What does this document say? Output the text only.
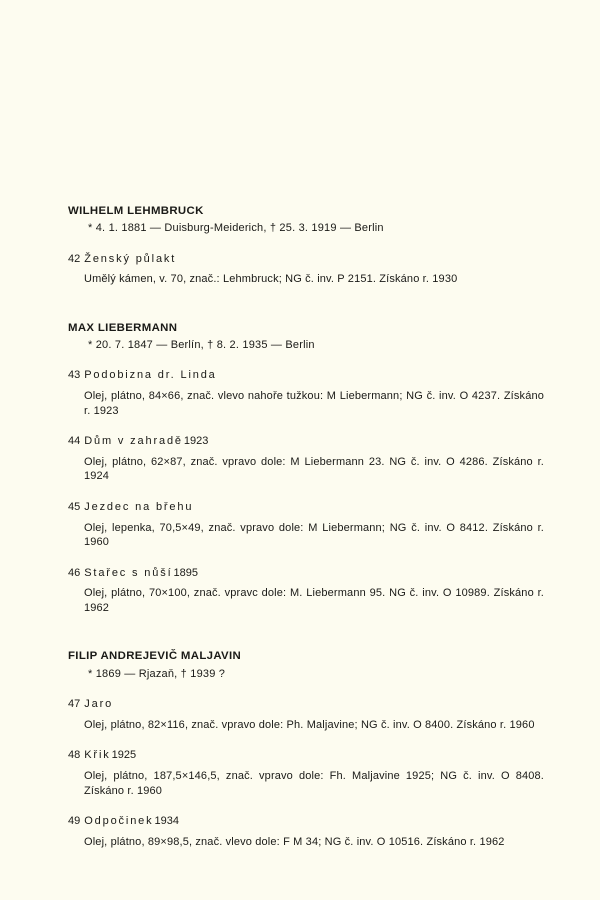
WILHELM LEHMBRUCK
* 4. 1. 1881 — Duisburg-Meiderich, † 25. 3. 1919 — Berlin
42 Ženský půlakt
Umělý kámen, v. 70, znač.: Lehmbruck; NG č. inv. P 2151. Získáno r. 1930
MAX LIEBERMANN
* 20. 7. 1847 — Berlín, † 8. 2. 1935 — Berlin
43 Podobizna dr. Linda
Olej, plátno, 84×66, znač. vlevo nahoře tužkou: M Liebermann; NG č. inv. O 4237. Získáno r. 1923
44 Dům v zahradě1923
Olej, plátno, 62×87, znač. vpravo dole: M Liebermann 23. NG č. inv. O 4286. Získáno r. 1924
45 Jezdec na břehu
Olej, lepenka, 70,5×49, znač. vpravo dole: M Liebermann; NG č. inv. O 8412. Získáno r. 1960
46 Stařec s nůší1895
Olej, plátno, 70×100, znač. vpravc dole: M. Liebermann 95. NG č. inv. O 10989. Získáno r. 1962
FILIP ANDREJEVIČ MALJAVIN
* 1869 — Rjazaň, † 1939 ?
47 Jaro
Olej, plátno, 82×116, znač. vpravo dole: Ph. Maljavine; NG č. inv. O 8400. Získáno r. 1960
48 Křik1925
Olej, plátno, 187,5×146,5, znač. vpravo dole: Fh. Maljavine 1925; NG č. inv. O 8408. Získáno r. 1960
49 Odpočinek1934
Olej, plátno, 89×98,5, znač. vlevo dole: F M 34; NG č. inv. O 10516. Získáno r. 1962
